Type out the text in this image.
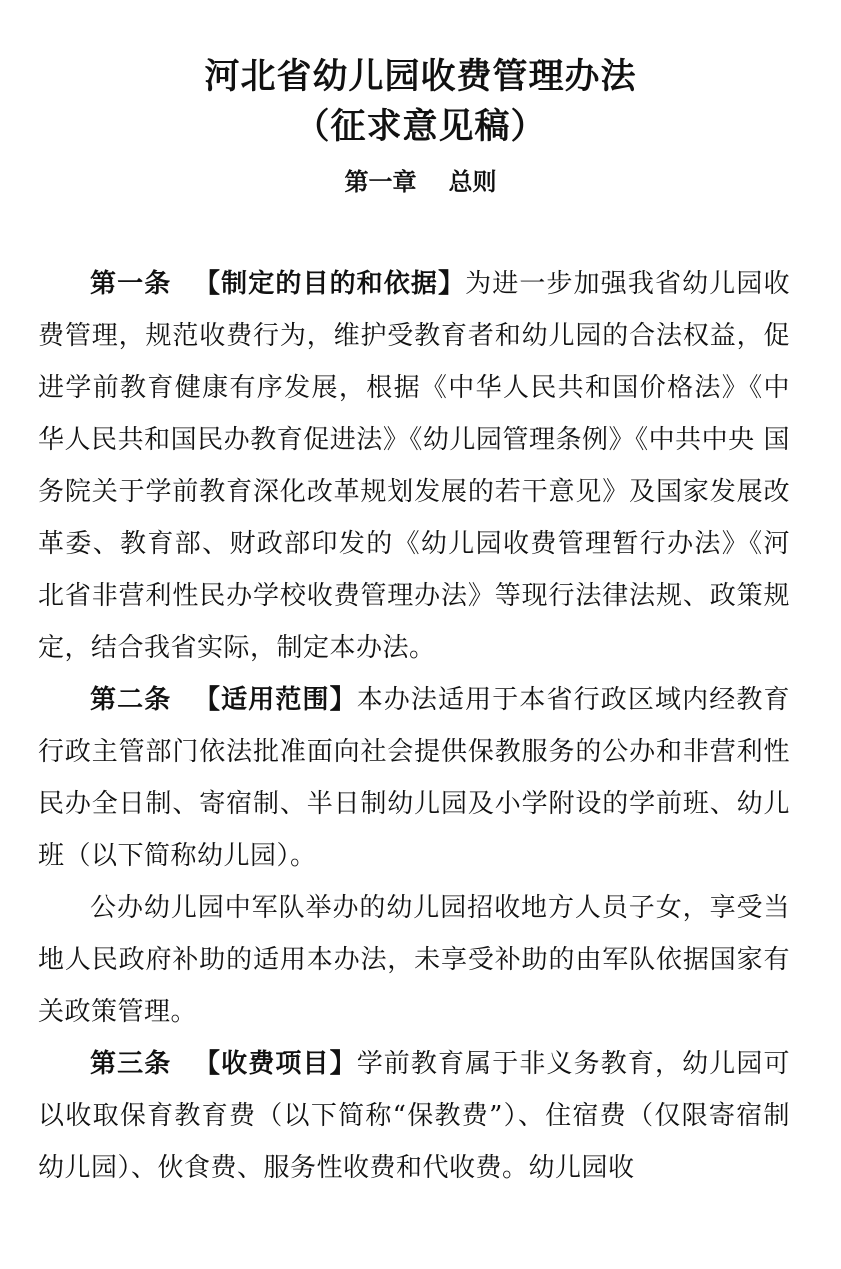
河北省幼儿园收费管理办法
（征求意见稿）
第一章 总则

第一条 【制定的目的和依据】为进一步加强我省幼儿园收费管理，规范收费行为，维护受教育者和幼儿园的合法权益，促进学前教育健康有序发展，根据《中华人民共和国价格法》《中华人民共和国民办教育促进法》《幼儿园管理条例》《中共中央 国务院关于学前教育深化改革规划发展的若干意见》及国家发展改革委、教育部、财政部印发的《幼儿园收费管理暂行办法》《河北省非营利性民办学校收费管理办法》等现行法律法规、政策规定，结合我省实际，制定本办法。

第二条 【适用范围】本办法适用于本省行政区域内经教育行政主管部门依法批准面向社会提供保教服务的公办和非营利性民办全日制、寄宿制、半日制幼儿园及小学附设的学前班、幼儿班（以下简称幼儿园）。

公办幼儿园中军队举办的幼儿园招收地方人员子女，享受当地人民政府补助的适用本办法，未享受补助的由军队依据国家有关政策管理。

第三条 【收费项目】学前教育属于非义务教育，幼儿园可以收取保育教育费（以下简称“保教费”）、住宿费（仅限寄宿制幼儿园）、伙食费、服务性收费和代收费。幼儿园收
